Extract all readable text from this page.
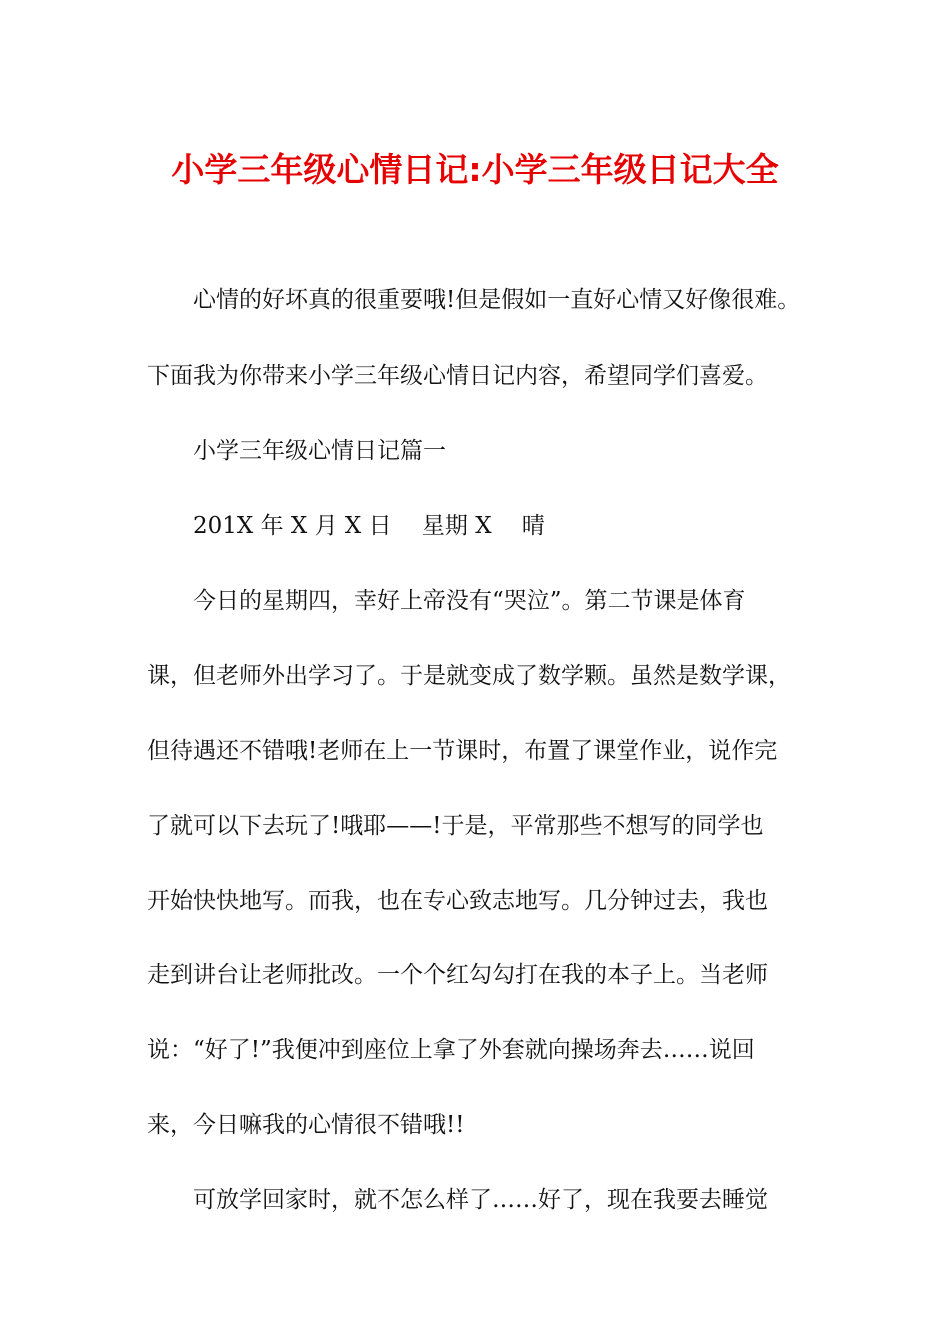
小学三年级心情日记:小学三年级日记大全

心情的好坏真的很重要哦!但是假如一直好心情又好像很难。

下面我为你带来小学三年级心情日记内容，希望同学们喜爱。

小学三年级心情日记篇一

201X 年 X 月 X 日　 星期 X　 晴

今日的星期四，幸好上帝没有“哭泣”。第二节课是体育

课，但老师外出学习了。于是就变成了数学颗。虽然是数学课，

但待遇还不错哦!老师在上一节课时，布置了课堂作业，说作完

了就可以下去玩了!哦耶——!于是，平常那些不想写的同学也

开始快快地写。而我，也在专心致志地写。几分钟过去，我也

走到讲台让老师批改。一个个红勾勾打在我的本子上。当老师

说：“好了!”我便冲到座位上拿了外套就向操场奔去……说回

来，今日嘛我的心情很不错哦!!

可放学回家时，就不怎么样了……好了，现在我要去睡觉
